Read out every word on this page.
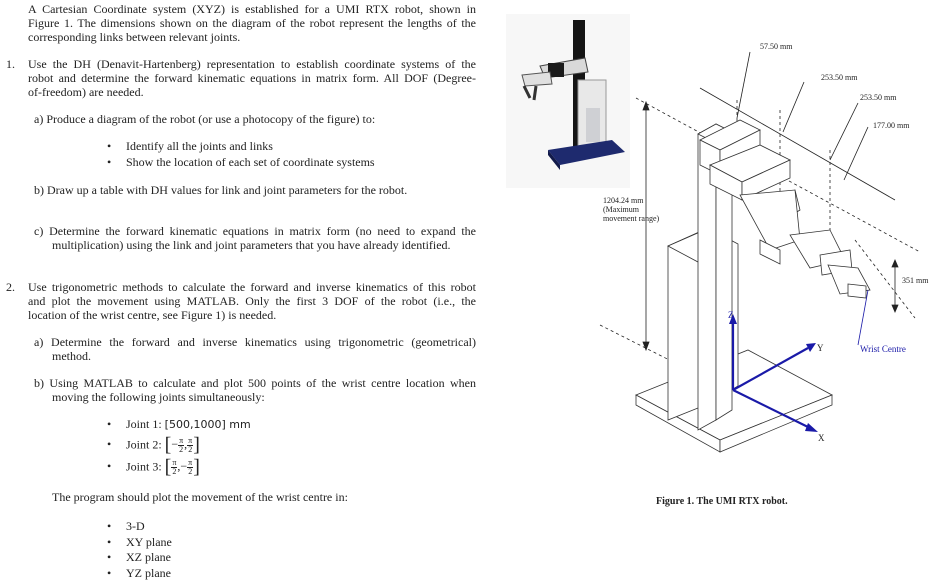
A Cartesian Coordinate system (XYZ) is established for a UMI RTX robot, shown in
Figure 1. The dimensions shown on the diagram of the robot represent the lengths of the
corresponding links between relevant joints.
1. Use the DH (Denavit-Hartenberg) representation to establish coordinate systems of the
robot and determine the forward kinematic equations in matrix form. All DOF (Degree-
of-freedom) are needed.
a) Produce a diagram of the robot (or use a photocopy of the figure) to:
• Identify all the joints and links
• Show the location of each set of coordinate systems
b) Draw up a table with DH values for link and joint parameters for the robot.
c) Determine the forward kinematic equations in matrix form (no need to expand the
multiplication) using the link and joint parameters that you have already identified.
2. Use trigonometric methods to calculate the forward and inverse kinematics of this robot
and plot the movement using MATLAB. Only the first 3 DOF of the robot (i.e., the
location of the wrist centre, see Figure 1) is needed.
a) Determine the forward and inverse kinematics using trigonometric (geometrical)
method.
b) Using MATLAB to calculate and plot 500 points of the wrist centre location when
moving the following joints simultaneously:
• Joint 1: [500,1000] mm
• Joint 2: [− $\frac{\pi}{2}$ , $\frac{\pi}{2}$ ]
• Joint 3: [ $\frac{\pi}{2}$ ,− $\frac{\pi}{2}$ ]
The program should plot the movement of the wrist centre in:
• 3-D
• XY plane
• XZ plane
• YZ plane
57.50 mm
253.50 mm
253.50 mm
177.00 mm
1204.24 mm
(Maximum
movement range)
351 mm
Z
Y
X
Wrist Centre
Figure 1. The UMI RTX robot.
